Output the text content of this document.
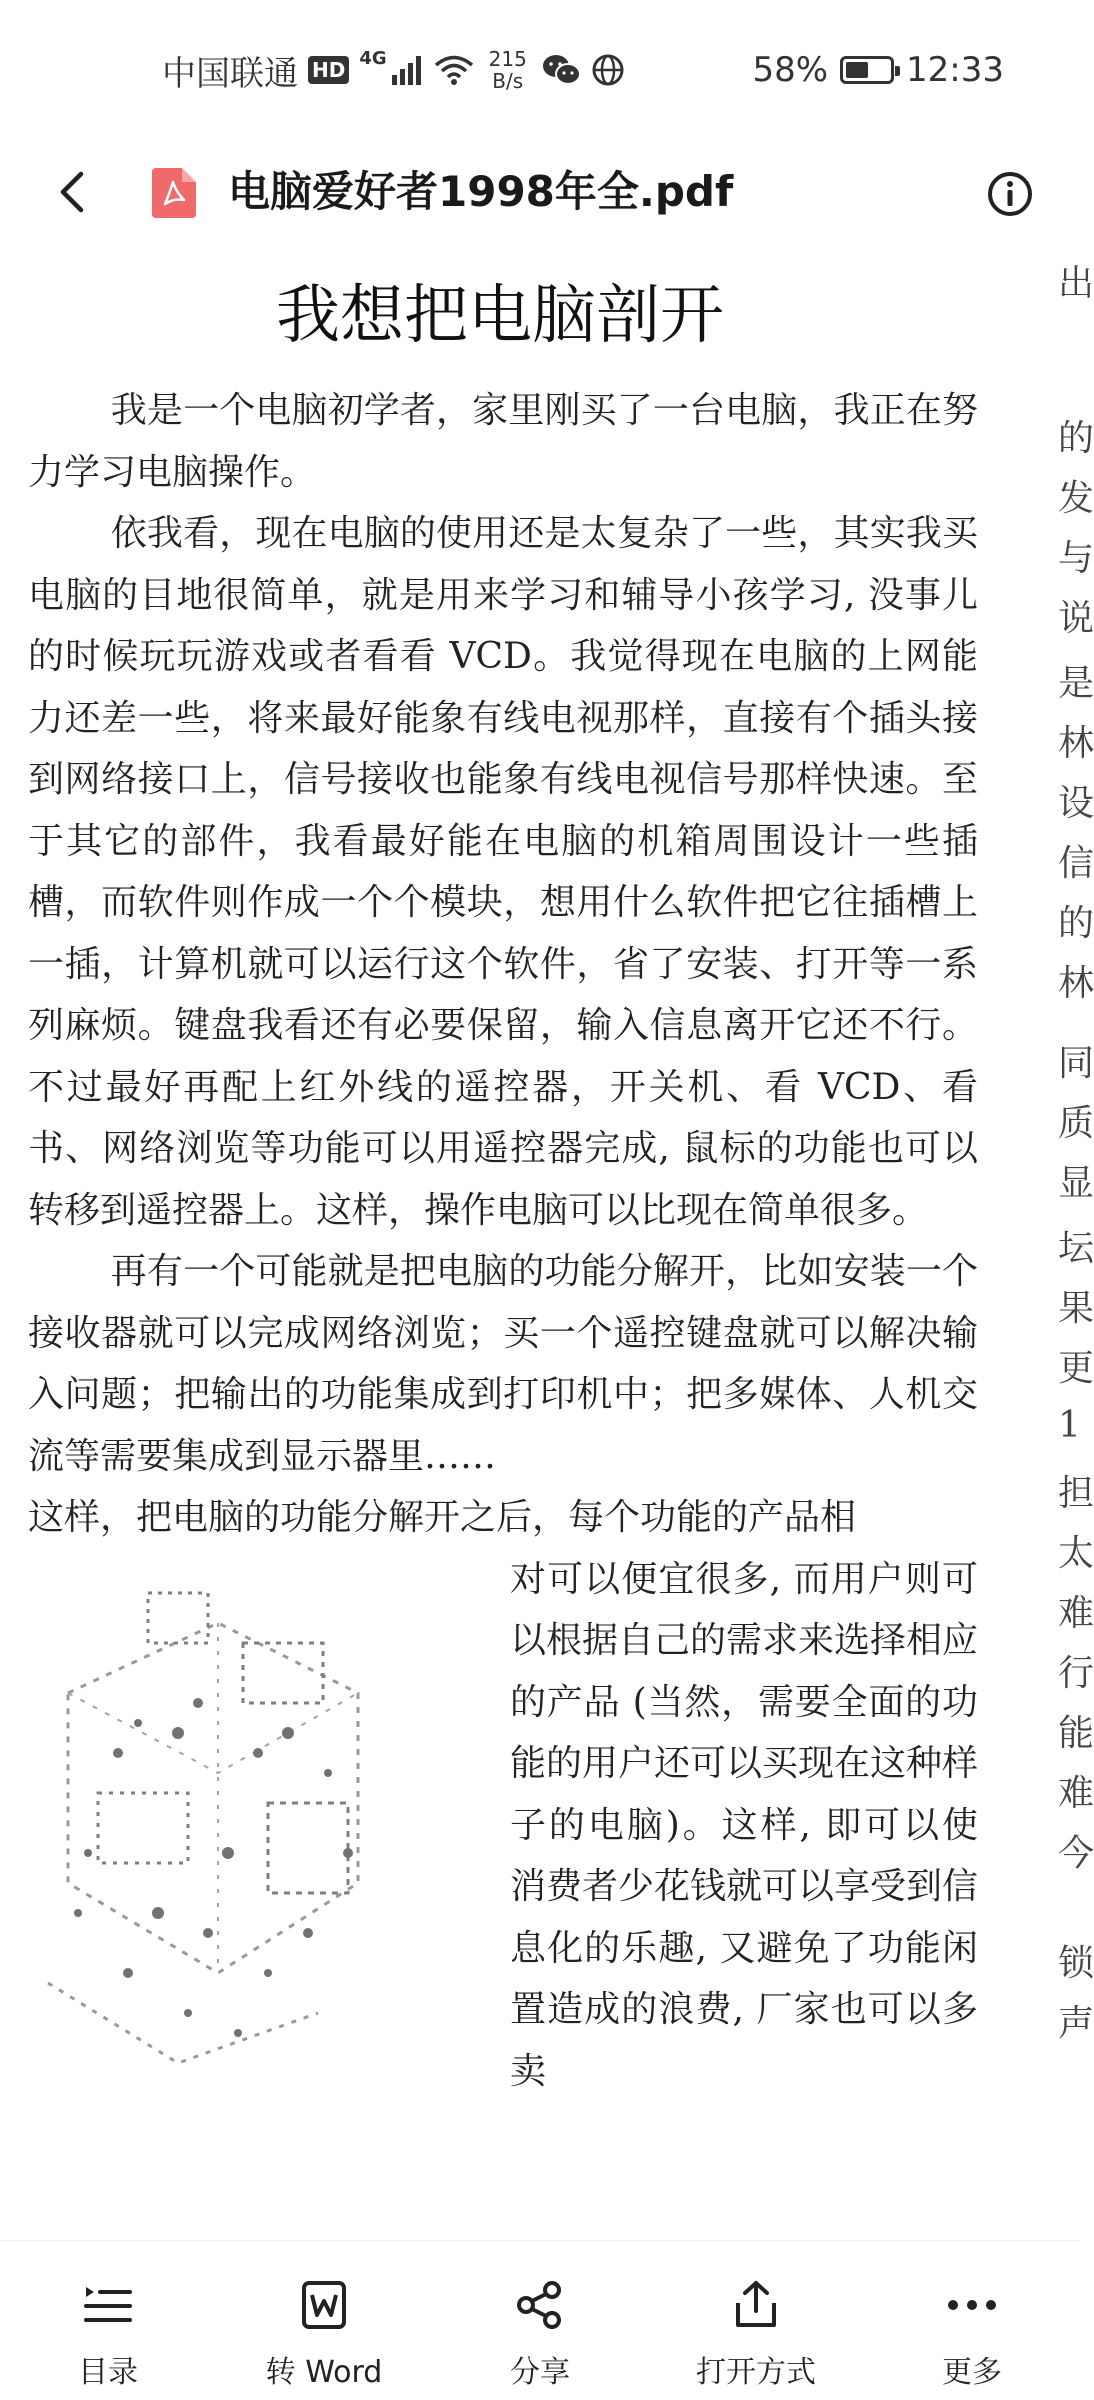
中国联通 HD 4G	215
B/s	58% 12:33
电脑爱好者1998年全.pdf
我想把电脑剖开

我是一个电脑初学者，家里刚买了一台电脑，我正在努力学习电脑操作。

依我看，现在电脑的使用还是太复杂了一些，其实我买电脑的目地很简单，就是用来学习和辅导小孩学习, 没事儿的时候玩玩游戏或者看看 VCD。我觉得现在电脑的上网能力还差一些，将来最好能象有线电视那样，直接有个插头接到网络接口上，信号接收也能象有线电视信号那样快速。至于其它的部件，我看最好能在电脑的机箱周围设计一些插槽，而软件则作成一个个模块，想用什么软件把它往插槽上一插，计算机就可以运行这个软件，省了安装、打开等一系列麻烦。键盘我看还有必要保留，输入信息离开它还不行。不过最好再配上红外线的遥控器，开关机、看 VCD、看书、网络浏览等功能可以用遥控器完成, 鼠标的功能也可以转移到遥控器上。这样，操作电脑可以比现在简单很多。

再有一个可能就是把电脑的功能分解开，比如安装一个接收器就可以完成网络浏览；买一个遥控键盘就可以解决输入问题；把输出的功能集成到打印机中；把多媒体、人机交流等需要集成到显示器里……

这样，把电脑的功能分解开之后，每个功能的产品相
对可以便宜很多, 而用户则可以根据自己的需求来选择相应的产品 (当然，需要全面的功能的用户还可以买现在这种样子的电脑)。这样, 即可以使消费者少花钱就可以享受到信息化的乐趣, 又避免了功能闲置造成的浪费, 厂家也可以多卖
出
的
发
与
说
是
林
设
信
的
林
同
质
显
坛
果
更
1
担
太
难
行
能
难
今
锁
声
目录	转 Word	分享	打开方式	更多
